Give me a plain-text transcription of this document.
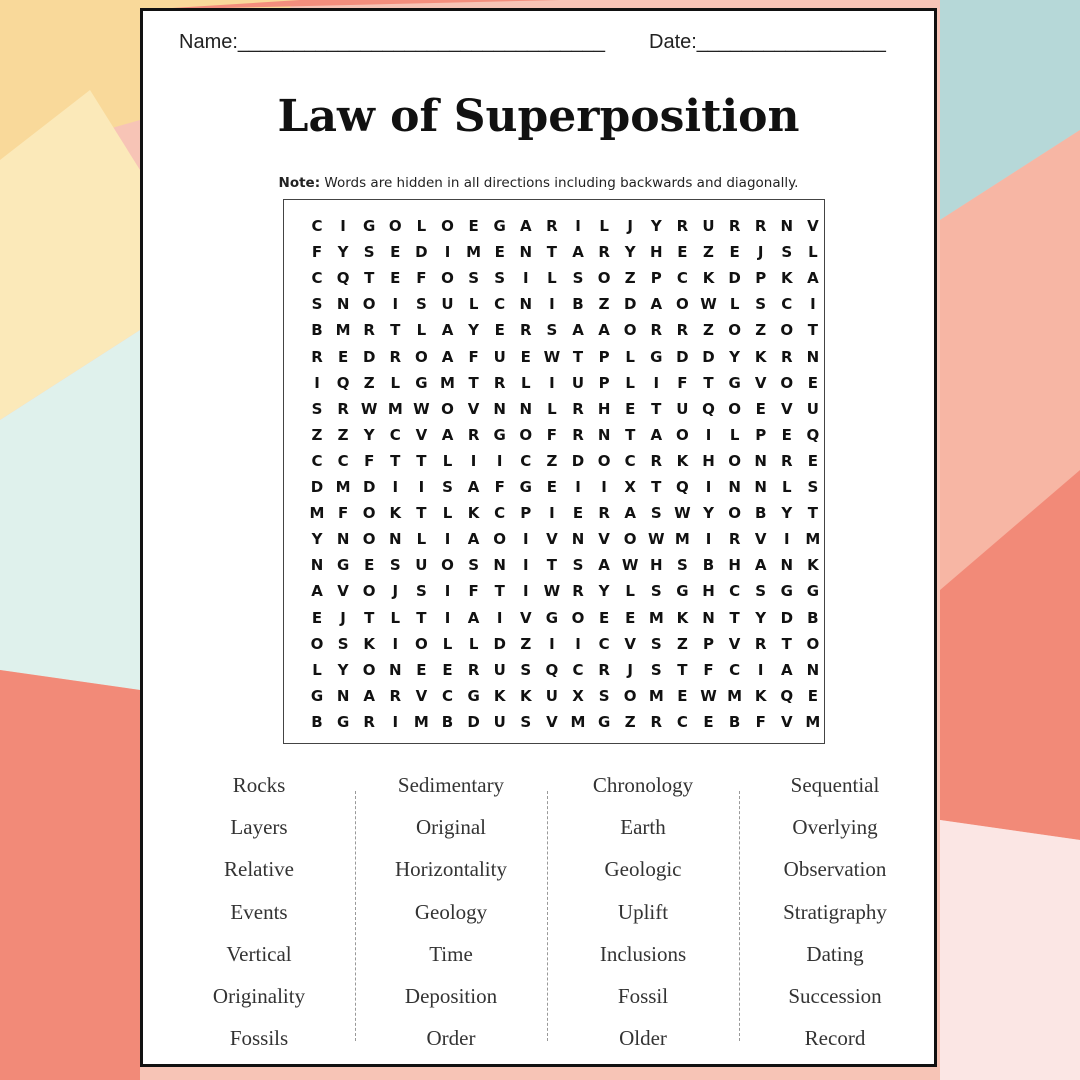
Name:_________________________________ Date:_________________
Law of Superposition
Note: Words are hidden in all directions including backwards and diagonally.
C	I	G O L O E G A R	I	L	J	Y R U R R N V
F	Y	S	E D	I	M E N T	A R Y H E	Z	E	J	S	L
C Q T	E	F O S	S	I	L	S O Z	P	C K D P K A
S N O	I	S U	L	C N	I	B Z D A O W L	S	C	I
B M R	T	L	A Y	E	R S A A O R R Z O Z O T
R	E D R O A	F U E W T	P	L	G D D Y K R N
I	Q Z	L	G M T	R	L	I	U P	L	I	F	T G V O E
S R W M W O V N N	L	R H E	T U Q O E	V U
Z	Z	Y	C V A R G O F	R N T	A O	I	L	P	E Q
C	C	F	T	T	L	I	I	C	Z D O C R K H O N R	E
D M D	I	I	S A	F G E	I	I	X	T Q	I	N N	L	S
M F O K	T	L	K C	P	I	E	R A S W Y O B Y	T
Y N O N	L	I	A O	I	V N V O W M	I	R V	I	M
N G E	S U O S N	I	T	S A W H S B H A N K
A V O	J	S	I	F	T	I	W R Y	L	S G H C	S G G
E	J	T	L	T	I	A	I	V G O E	E M K N T	Y D B
O S K	I	O L	L	D Z	I	I	C V S	Z	P V R	T O
L	Y O N E	E	R U S Q C R	J	S	T	F	C	I	A N
G N A R V C G K K U X S O M E W M K Q E
B G R	I	M B D U S V M G Z R C	E	B	F	V M
Rocks
Layers
Relative
Events
Vertical
Originality
Fossils
Sedimentary
Original
Horizontality
Geology
Time
Deposition
Order
Chronology
Earth
Geologic
Uplift
Inclusions
Fossil
Older
Sequential
Overlying
Observation
Stratigraphy
Dating
Succession
Record
